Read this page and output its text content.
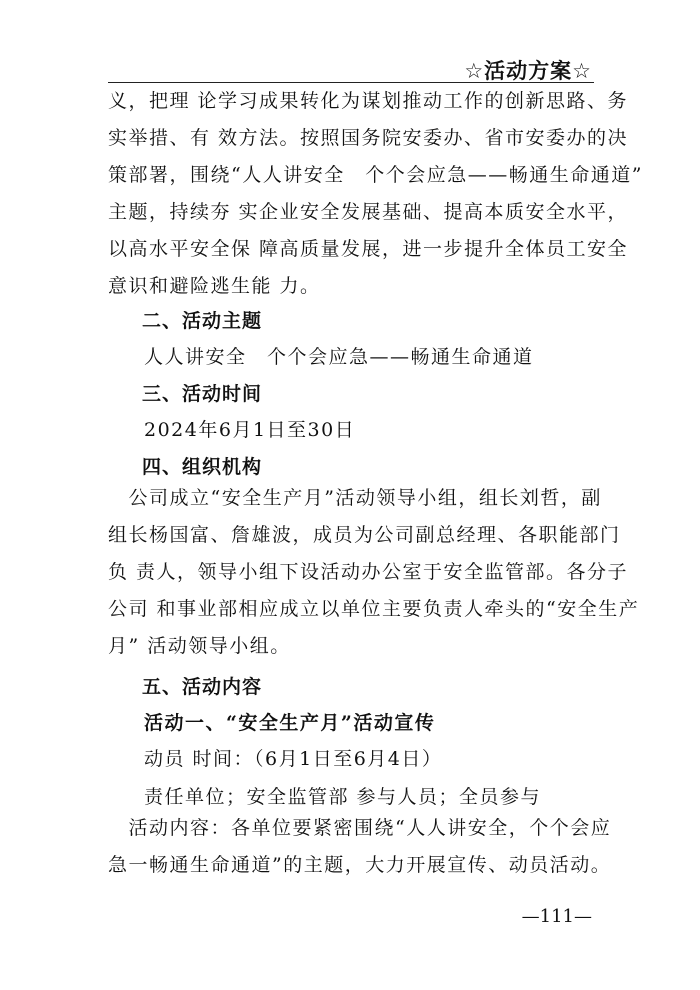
☆活动方案☆
义，把理 论学习成果转化为谋划推动工作的创新思路、务
实举措、有 效方法。按照国务院安委办、省市安委办的决
策部署，围绕“人人讲安全　个个会应急——畅通生命通道”
主题，持续夯 实企业安全发展基础、提高本质安全水平，
以高水平安全保 障高质量发展，进一步提升全体员工安全
意识和避险逃生能 力。
二、活动主题
人人讲安全　个个会应急——畅通生命通道
三、活动时间
2024年6月1日至30日
四、组织机构
　公司成立“安全生产月”活动领导小组，组长刘哲，副
组长杨国富、詹雄波，成员为公司副总经理、各职能部门
负 责人，领导小组下设活动办公室于安全监管部。各分子
公司 和事业部相应成立以单位主要负责人牵头的“安全生产
月” 活动领导小组。
五、活动内容
活动一、“安全生产月”活动宣传
动员 时间：（6月1日至6月4日）
责任单位；安全监管部 参与人员；全员参与
　活动内容：各单位要紧密围绕“人人讲安全，个个会应
急一畅通生命通道”的主题，大力开展宣传、动员活动。
—111—
